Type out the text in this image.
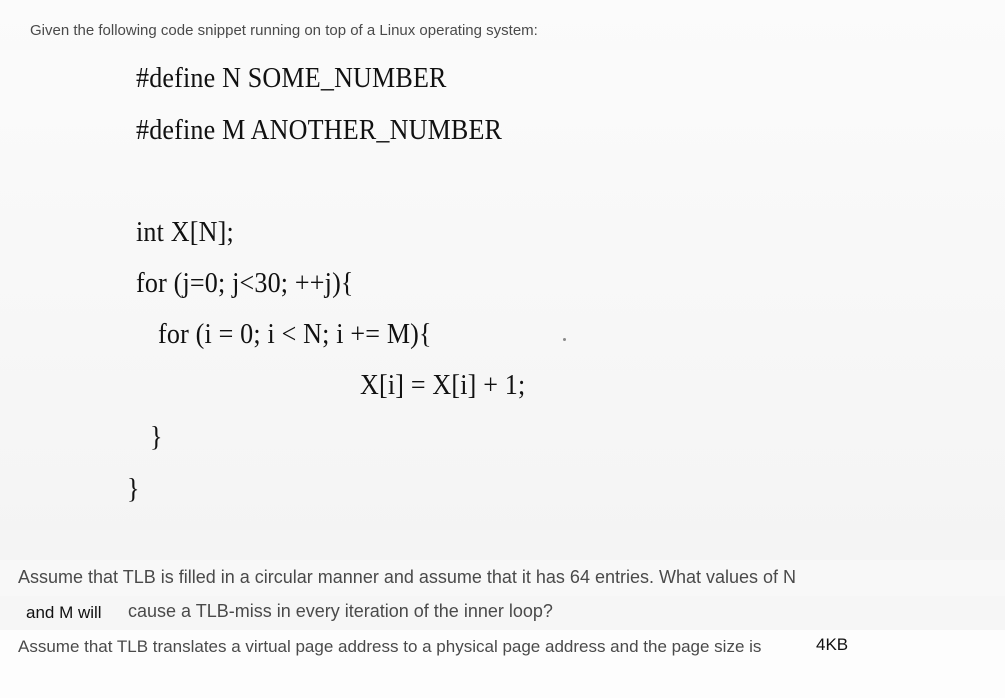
Given the following code snippet running on top of a Linux operating system:
#define N SOME_NUMBER
#define M ANOTHER_NUMBER
int X[N];
for (j=0; j<30; ++j){
for (i = 0; i < N; i += M){
X[i] = X[i] + 1;
}
}
Assume that TLB is filled in a circular manner and assume that it has 64 entries. What values of N
and M will cause a TLB-miss in every iteration of the inner loop?
Assume that TLB translates a virtual page address to a physical page address and the page size is	4KB
